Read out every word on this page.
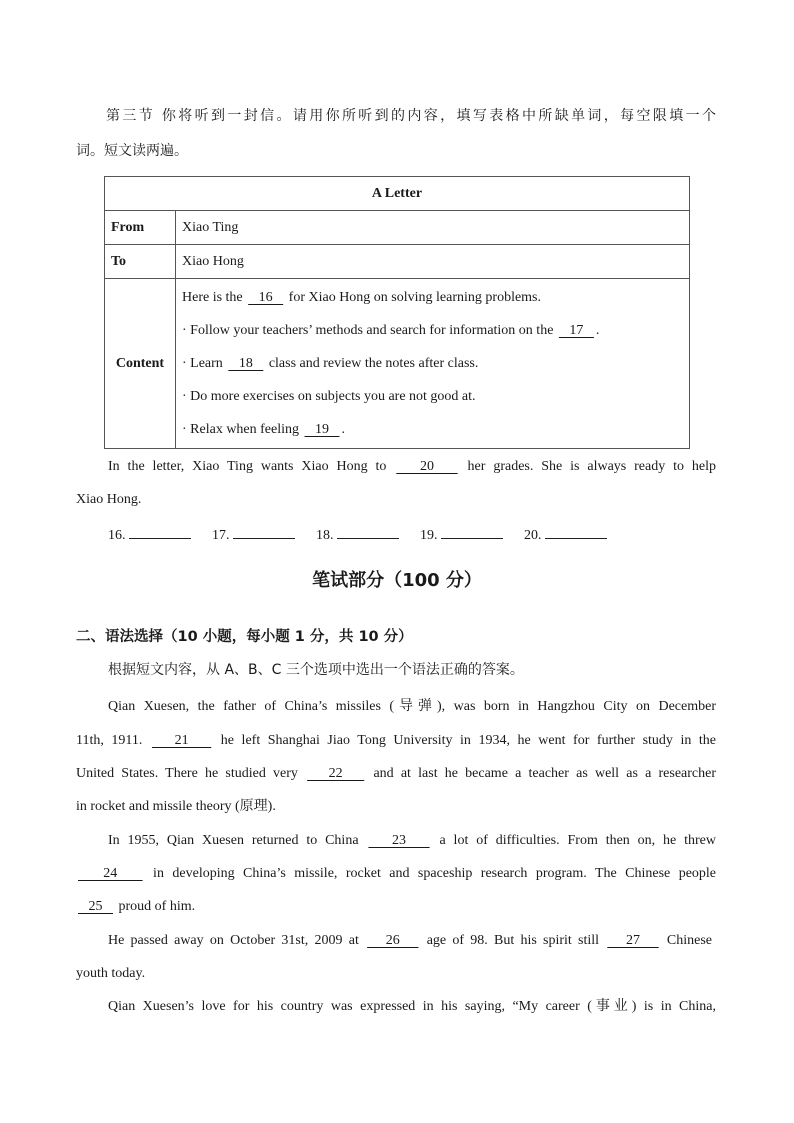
第三节 你将听到一封信。请用你所听到的内容，填写表格中所缺单词，每空限填一个
词。短文读两遍。
A Letter	
From	Xiao Ting
To	Xiao Hong
Content	Here is the    16    for Xiao Hong on solving learning problems.
· Follow your teachers’ methods and search for information on the    17   .
· Learn    18    class and review the notes after class.
· Do more exercises on subjects you are not good at.
· Relax when feeling    19   .
In the letter, Xiao Ting wants Xiao Hong to    20    her grades. She is always ready to help
Xiao Hong.
16.	17.	18.	19.	20.
笔试部分（100 分）
二、语法选择（10 小题，每小题 1 分，共 10 分）
根据短文内容，从 A、B、C 三个选项中选出一个语法正确的答案。
Qian Xuesen, the father of China’s missiles (导弹), was born in Hangzhou City on December
11th, 1911.    21    he left Shanghai Jiao Tong University in 1934, he went for further study in the
United States. There he studied very    22    and at last he became a teacher as well as a researcher
in rocket and missile theory (原理).
In 1955, Qian Xuesen returned to China    23    a lot of difficulties. From then on, he threw
24    in developing China’s missile, rocket and spaceship research program. The Chinese people
25    proud of him.
He passed away on October 31st, 2009 at    26    age of 98. But his spirit still    27    Chinese
youth today.
Qian Xuesen’s love for his country was expressed in his saying, “My career (事业) is in China,
